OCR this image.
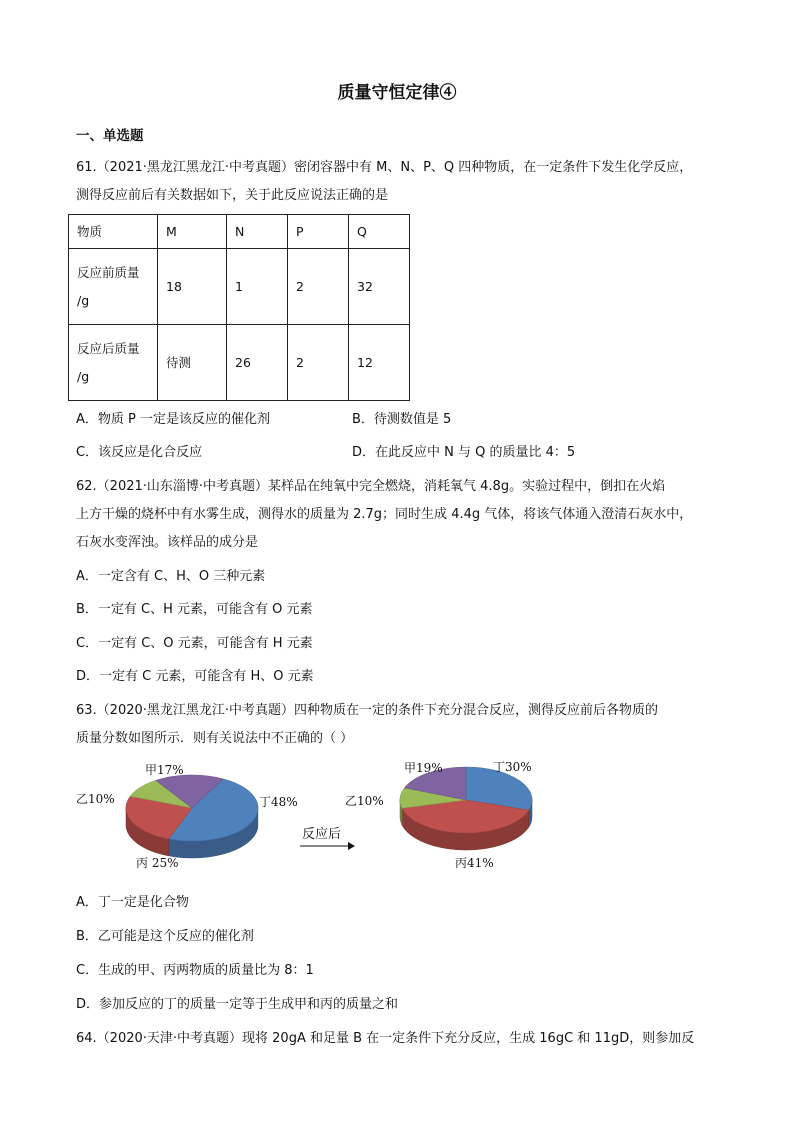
质量守恒定律④
一、单选题
61.（2021·黑龙江黑龙江·中考真题）密闭容器中有 M、N、P、Q 四种物质，在一定条件下发生化学反应，
测得反应前后有关数据如下，关于此反应说法正确的是
物质	M	N	P	Q

反应前质量
/g	18	1	2	32

反应后质量
/g	待测	26	2	12
A．物质 P 一定是该反应的催化剂	B．待测数值是 5
C．该反应是化合反应	D．在此反应中 N 与 Q 的质量比 4：5
62.（2021·山东淄博·中考真题）某样品在纯氧中完全燃烧，消耗氧气 4.8g。实验过程中，倒扣在火焰
上方干燥的烧杯中有水雾生成，测得水的质量为 2.7g；同时生成 4.4g 气体，将该气体通入澄清石灰水中，
石灰水变浑浊。该样品的成分是
A．一定含有 C、H、O 三种元素
B．一定有 C、H 元素，可能含有 O 元素
C．一定有 C、O 元素，可能含有 H 元素
D．一定有 C 元素，可能含有 H、O 元素
63.（2020·黑龙江黑龙江·中考真题）四种物质在一定的条件下充分混合反应，测得反应前后各物质的
质量分数如图所示．则有关说法中不正确的（ ）
甲17%
乙10%	丁48%
丙 25%
反应后
甲19%
乙10%
丁30%
丙41%
A．丁一定是化合物
B．乙可能是这个反应的催化剂
C．生成的甲、丙两物质的质量比为 8：1
D．参加反应的丁的质量一定等于生成甲和丙的质量之和
64.（2020·天津·中考真题）现将 20gA 和足量 B 在一定条件下充分反应，生成 16gC 和 11gD，则参加反
